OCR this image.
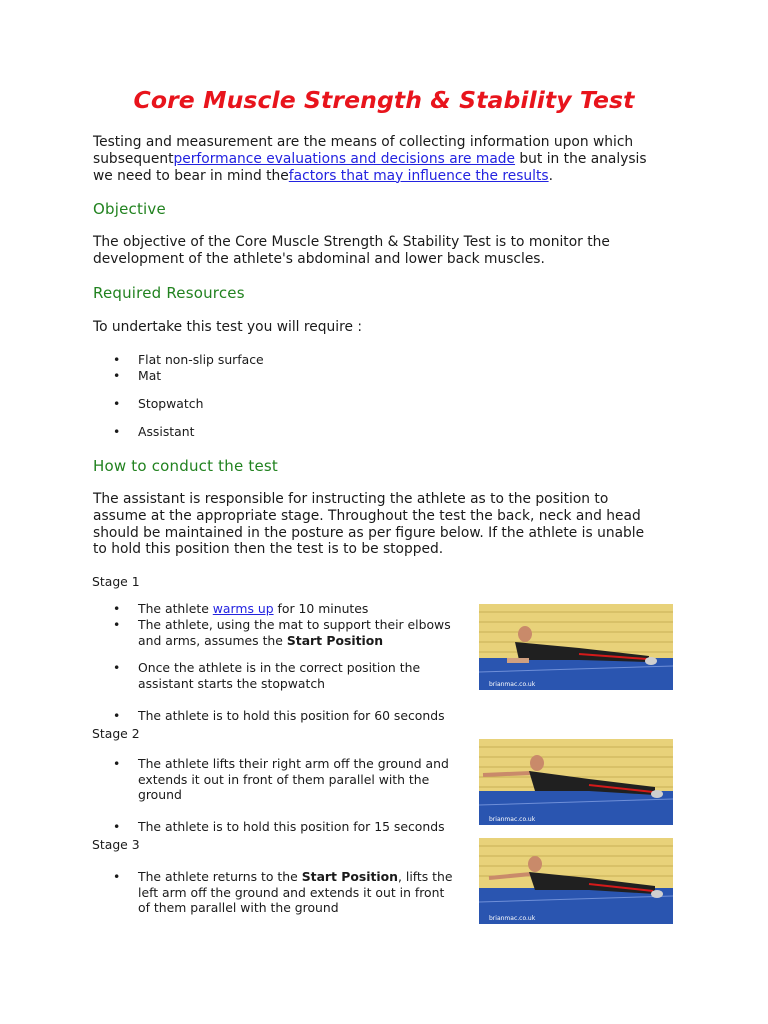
Core Muscle Strength & Stability Test
Testing and measurement are the means of collecting information upon which
subsequentperformance evaluations and decisions are made but in the analysis
we need to bear in mind thefactors that may influence the results.
Objective
The objective of the Core Muscle Strength & Stability Test is to monitor the
development of the athlete's abdominal and lower back muscles.
Required Resources
To undertake this test you will require :
• Flat non-slip surface
• Mat
• Stopwatch
• Assistant
How to conduct the test
The assistant is responsible for instructing the athlete as to the position to
assume at the appropriate stage. Throughout the test the back, neck and head
should be maintained in the posture as per figure below. If the athlete is unable
to hold this position then the test is to be stopped.
Stage 1
• The athlete warms up for 10 minutes
• The athlete, using the mat to support their elbows
and arms, assumes the Start Position
• Once the athlete is in the correct position the
assistant starts the stopwatch
• The athlete is to hold this position for 60 seconds
Stage 2
• The athlete lifts their right arm off the ground and
extends it out in front of them parallel with the
ground
• The athlete is to hold this position for 15 seconds
Stage 3
• The athlete returns to the Start Position, lifts the
left arm off the ground and extends it out in front
of them parallel with the ground
brianmac.co.uk
brianmac.co.uk
brianmac.co.uk
